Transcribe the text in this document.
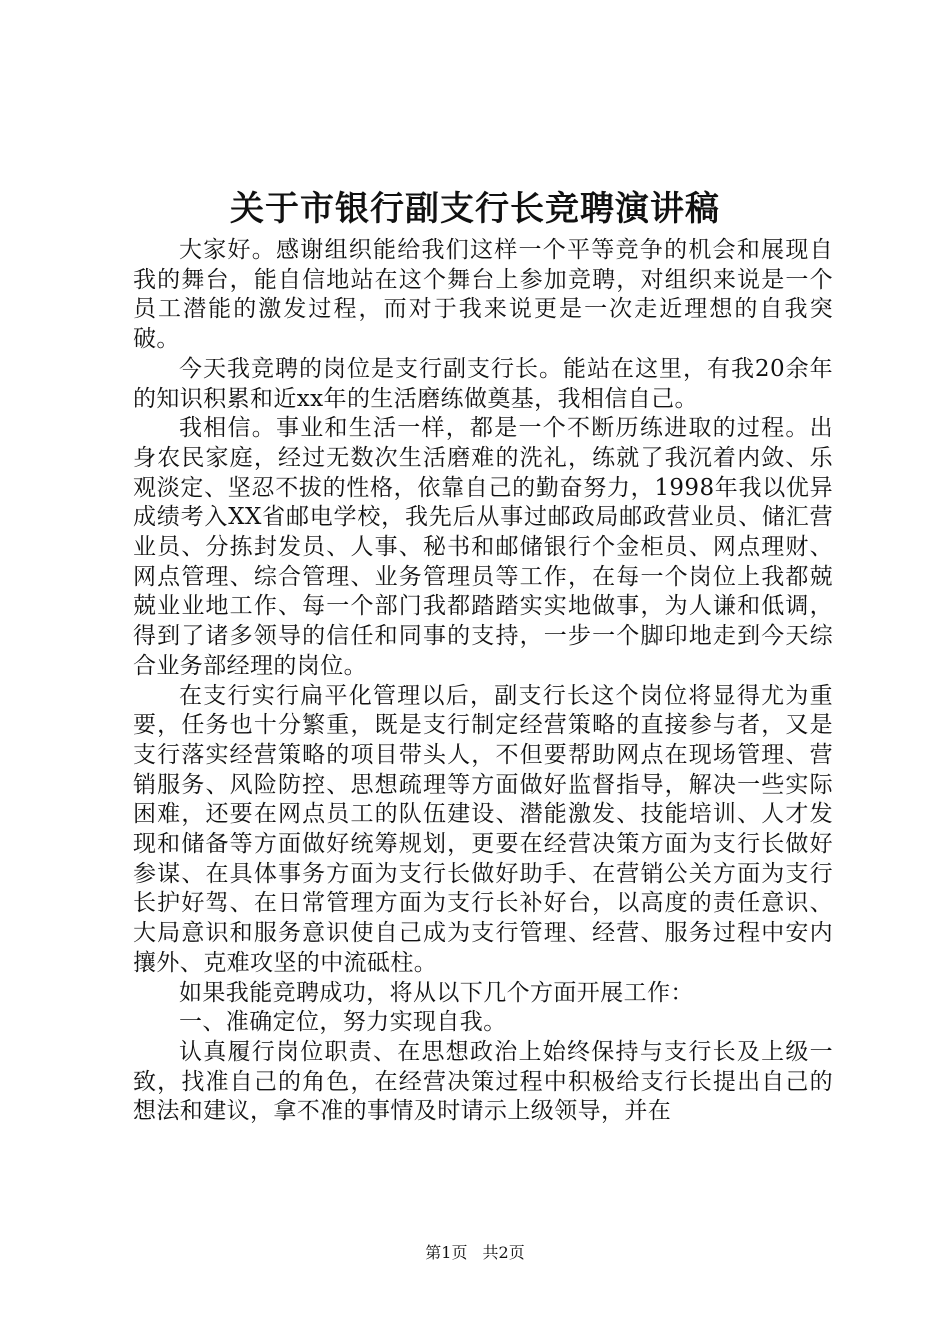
关于市银行副支行长竞聘演讲稿

大家好。感谢组织能给我们这样一个平等竞争的机会和展现自我的舞台，能自信地站在这个舞台上参加竞聘，对组织来说是一个员工潜能的激发过程，而对于我来说更是一次走近理想的自我突破。

今天我竞聘的岗位是支行副支行长。能站在这里，有我20余年的知识积累和近xx年的生活磨练做奠基，我相信自己。

我相信。事业和生活一样，都是一个不断历练进取的过程。出身农民家庭，经过无数次生活磨难的洗礼，练就了我沉着内敛、乐观淡定、坚忍不拔的性格，依靠自己的勤奋努力，1998年我以优异成绩考入XX省邮电学校，我先后从事过邮政局邮政营业员、储汇营业员、分拣封发员、人事、秘书和邮储银行个金柜员、网点理财、网点管理、综合管理、业务管理员等工作，在每一个岗位上我都兢兢业业地工作、每一个部门我都踏踏实实地做事，为人谦和低调，得到了诸多领导的信任和同事的支持，一步一个脚印地走到今天综合业务部经理的岗位。

在支行实行扁平化管理以后，副支行长这个岗位将显得尤为重要，任务也十分繁重，既是支行制定经营策略的直接参与者，又是支行落实经营策略的项目带头人，不但要帮助网点在现场管理、营销服务、风险防控、思想疏理等方面做好监督指导，解决一些实际困难，还要在网点员工的队伍建设、潜能激发、技能培训、人才发现和储备等方面做好统筹规划，更要在经营决策方面为支行长做好参谋、在具体事务方面为支行长做好助手、在营销公关方面为支行长护好驾、在日常管理方面为支行长补好台，以高度的责任意识、大局意识和服务意识使自己成为支行管理、经营、服务过程中安内攘外、克难攻坚的中流砥柱。

如果我能竞聘成功，将从以下几个方面开展工作：

一、准确定位，努力实现自我。

认真履行岗位职责、在思想政治上始终保持与支行长及上级一致，找准自己的角色，在经营决策过程中积极给支行长提出自己的想法和建议，拿不准的事情及时请示上级领导，并在

第1页 共2页
